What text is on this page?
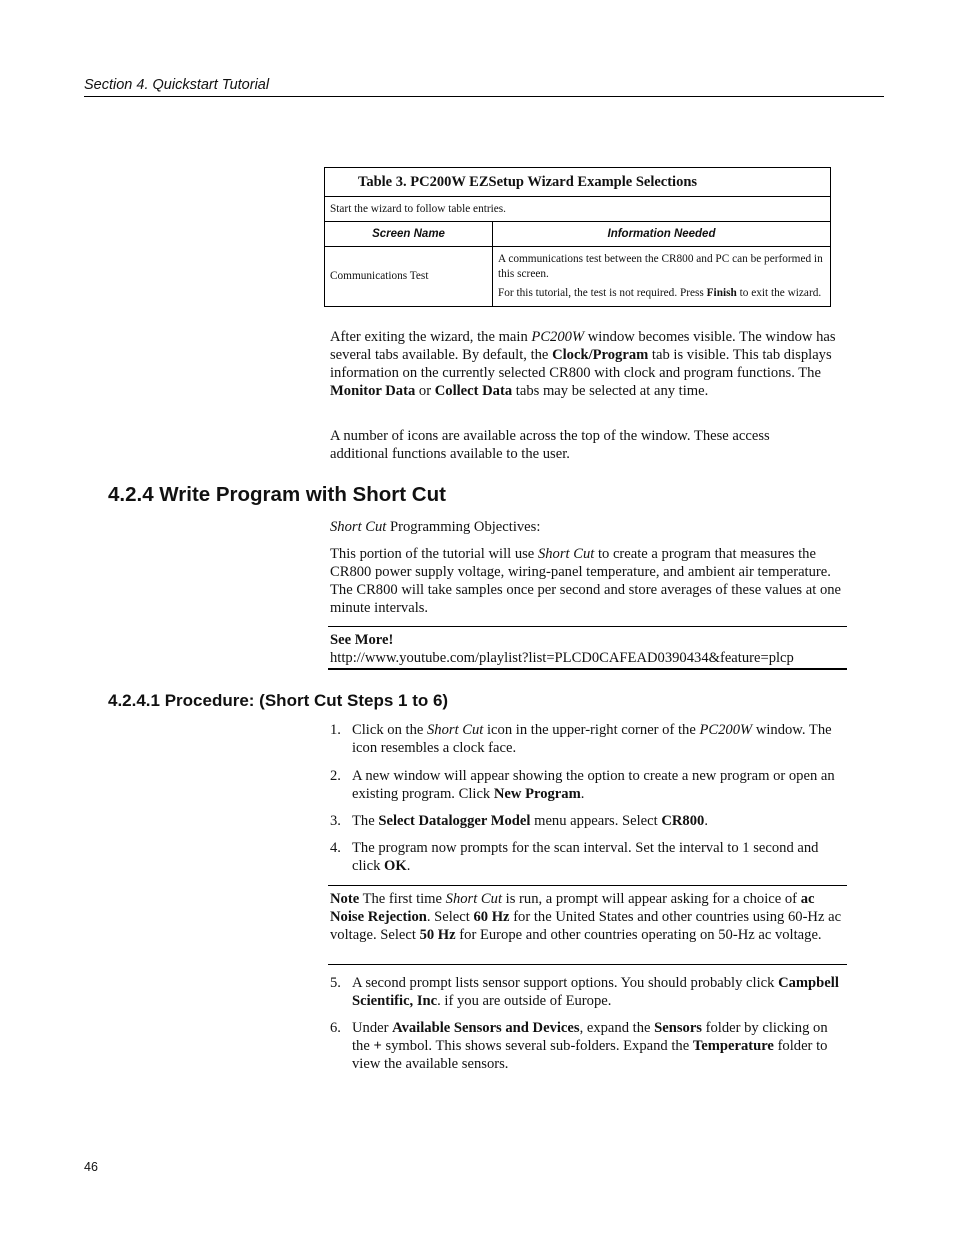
Section 4. Quickstart Tutorial
Table 3. PC200W EZSetup Wizard Example Selections	
Start the wizard to follow table entries.	
Screen Name	Information Needed
Communications Test	A communications test between the CR800 and PC can be performed in this screen.

For this tutorial, the test is not required. Press Finish to exit the wizard.

After exiting the wizard, the main PC200W window becomes visible. The window has several tabs available. By default, the Clock/Program tab is visible. This tab displays information on the currently selected CR800 with clock and program functions. The Monitor Data or Collect Data tabs may be selected at any time.

A number of icons are available across the top of the window. These access additional functions available to the user.

4.2.4 Write Program with Short Cut

Short Cut Programming Objectives:

This portion of the tutorial will use Short Cut to create a program that measures the CR800 power supply voltage, wiring-panel temperature, and ambient air temperature. The CR800 will take samples once per second and store averages of these values at one minute intervals.

See More!
http://www.youtube.com/playlist?list=PLCD0CAFEAD0390434&feature=plcp
4.2.4.1 Procedure: (Short Cut Steps 1 to 6)
1. Click on the Short Cut icon in the upper-right corner of the PC200W window. The icon resembles a clock face.
2. A new window will appear showing the option to create a new program or open an existing program. Click New Program.
3. The Select Datalogger Model menu appears. Select CR800.
4. The program now prompts for the scan interval. Set the interval to 1 second and click OK.

Note The first time Short Cut is run, a prompt will appear asking for a choice of ac Noise Rejection. Select 60 Hz for the United States and other countries using 60-Hz ac voltage. Select 50 Hz for Europe and other countries operating on 50-Hz ac voltage.

5. A second prompt lists sensor support options. You should probably click Campbell Scientific, Inc. if you are outside of Europe.
6. Under Available Sensors and Devices, expand the Sensors folder by clicking on the + symbol. This shows several sub-folders. Expand the Temperature folder to view the available sensors.
46
